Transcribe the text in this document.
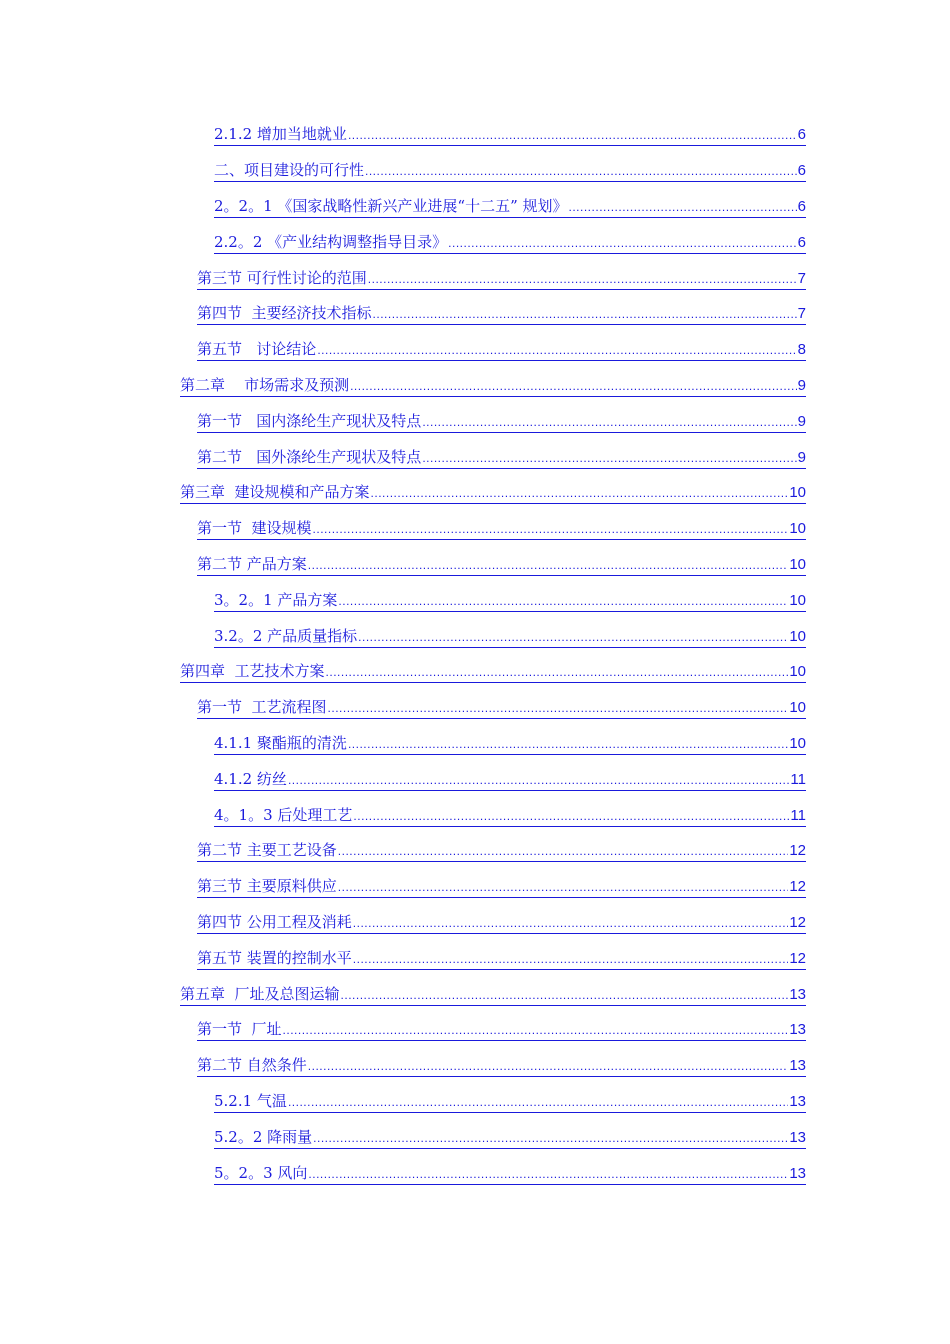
2.1.2 增加当地就业 .....	6
二、项目建设的可行性 .....	6
2。2。1 《国家战略性新兴产业进展“十二五” 规划》 .....	6
2.2。2 《产业结构调整指导目录》 .....	6
第三节 可行性讨论的范围 .....	7
第四节  主要经济技术指标 .....	7
第五节   讨论结论 .....	8
第二章    市场需求及预测 .....	9
第一节   国内涤纶生产现状及特点 .....	9
第二节   国外涤纶生产现状及特点 .....	9
第三章  建设规模和产品方案 .....	10
第一节  建设规模 .....	10
第二节 产品方案 .....	10
3。2。1 产品方案 .....	10
3.2。2 产品质量指标 .....	10
第四章  工艺技术方案 .....	10
第一节  工艺流程图 .....	10
4.1.1 聚酯瓶的清洗 .....	10
4.1.2 纺丝 .....	11
4。1。3 后处理工艺 .....	11
第二节 主要工艺设备 .....	12
第三节 主要原料供应 .....	12
第四节 公用工程及消耗 .....	12
第五节 装置的控制水平 .....	12
第五章  厂址及总图运输 .....	13
第一节  厂址 .....	13
第二节 自然条件 .....	13
5.2.1 气温 .....	13
5.2。2 降雨量 .....	13
5。2。3 风向 .....	13
